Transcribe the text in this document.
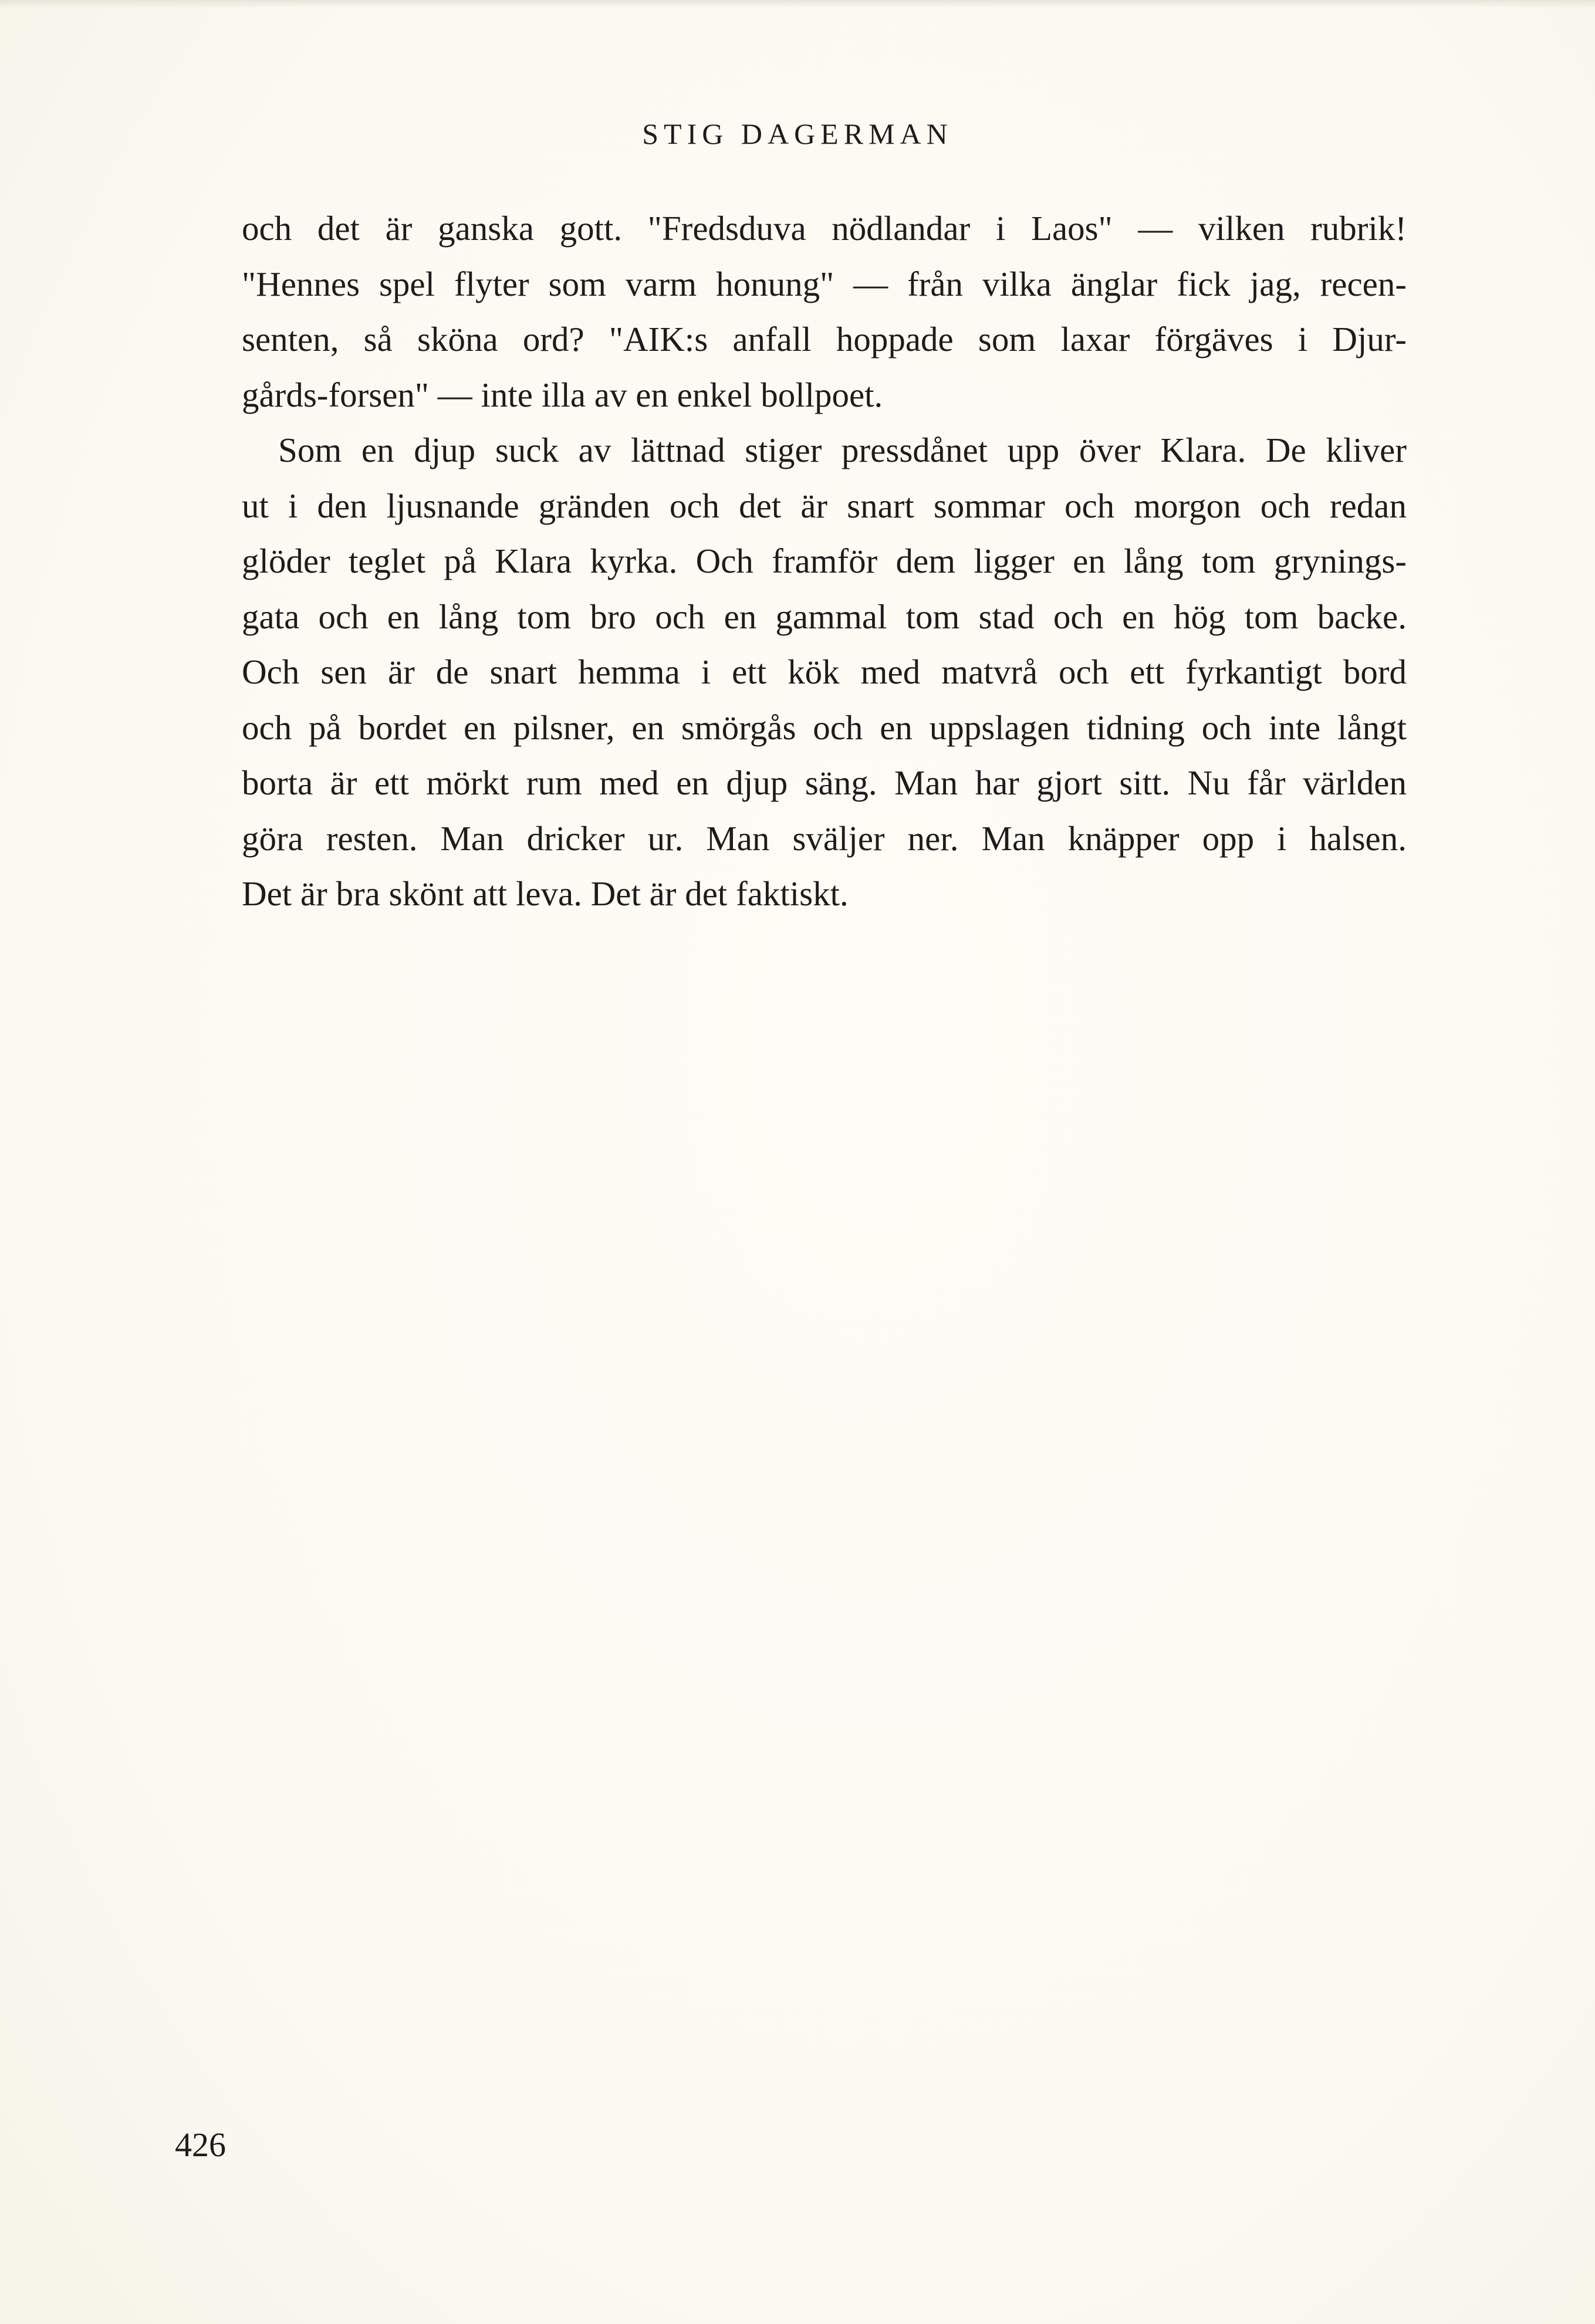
STIG DAGERMAN

och det är ganska gott. "Fredsduva nödlandar i Laos" — vilken rubrik!

"Hennes spel flyter som varm honung" — från vilka änglar fick jag, recen-

senten, så sköna ord? "AIK:s anfall hoppade som laxar förgäves i Djur-

gårds-forsen" — inte illa av en enkel bollpoet.

Som en djup suck av lättnad stiger pressdånet upp över Klara. De kliver

ut i den ljusnande gränden och det är snart sommar och morgon och redan

glöder teglet på Klara kyrka. Och framför dem ligger en lång tom grynings-

gata och en lång tom bro och en gammal tom stad och en hög tom backe.

Och sen är de snart hemma i ett kök med matvrå och ett fyrkantigt bord

och på bordet en pilsner, en smörgås och en uppslagen tidning och inte långt

borta är ett mörkt rum med en djup säng. Man har gjort sitt. Nu får världen

göra resten. Man dricker ur. Man sväljer ner. Man knäpper opp i halsen.

Det är bra skönt att leva. Det är det faktiskt.

426
